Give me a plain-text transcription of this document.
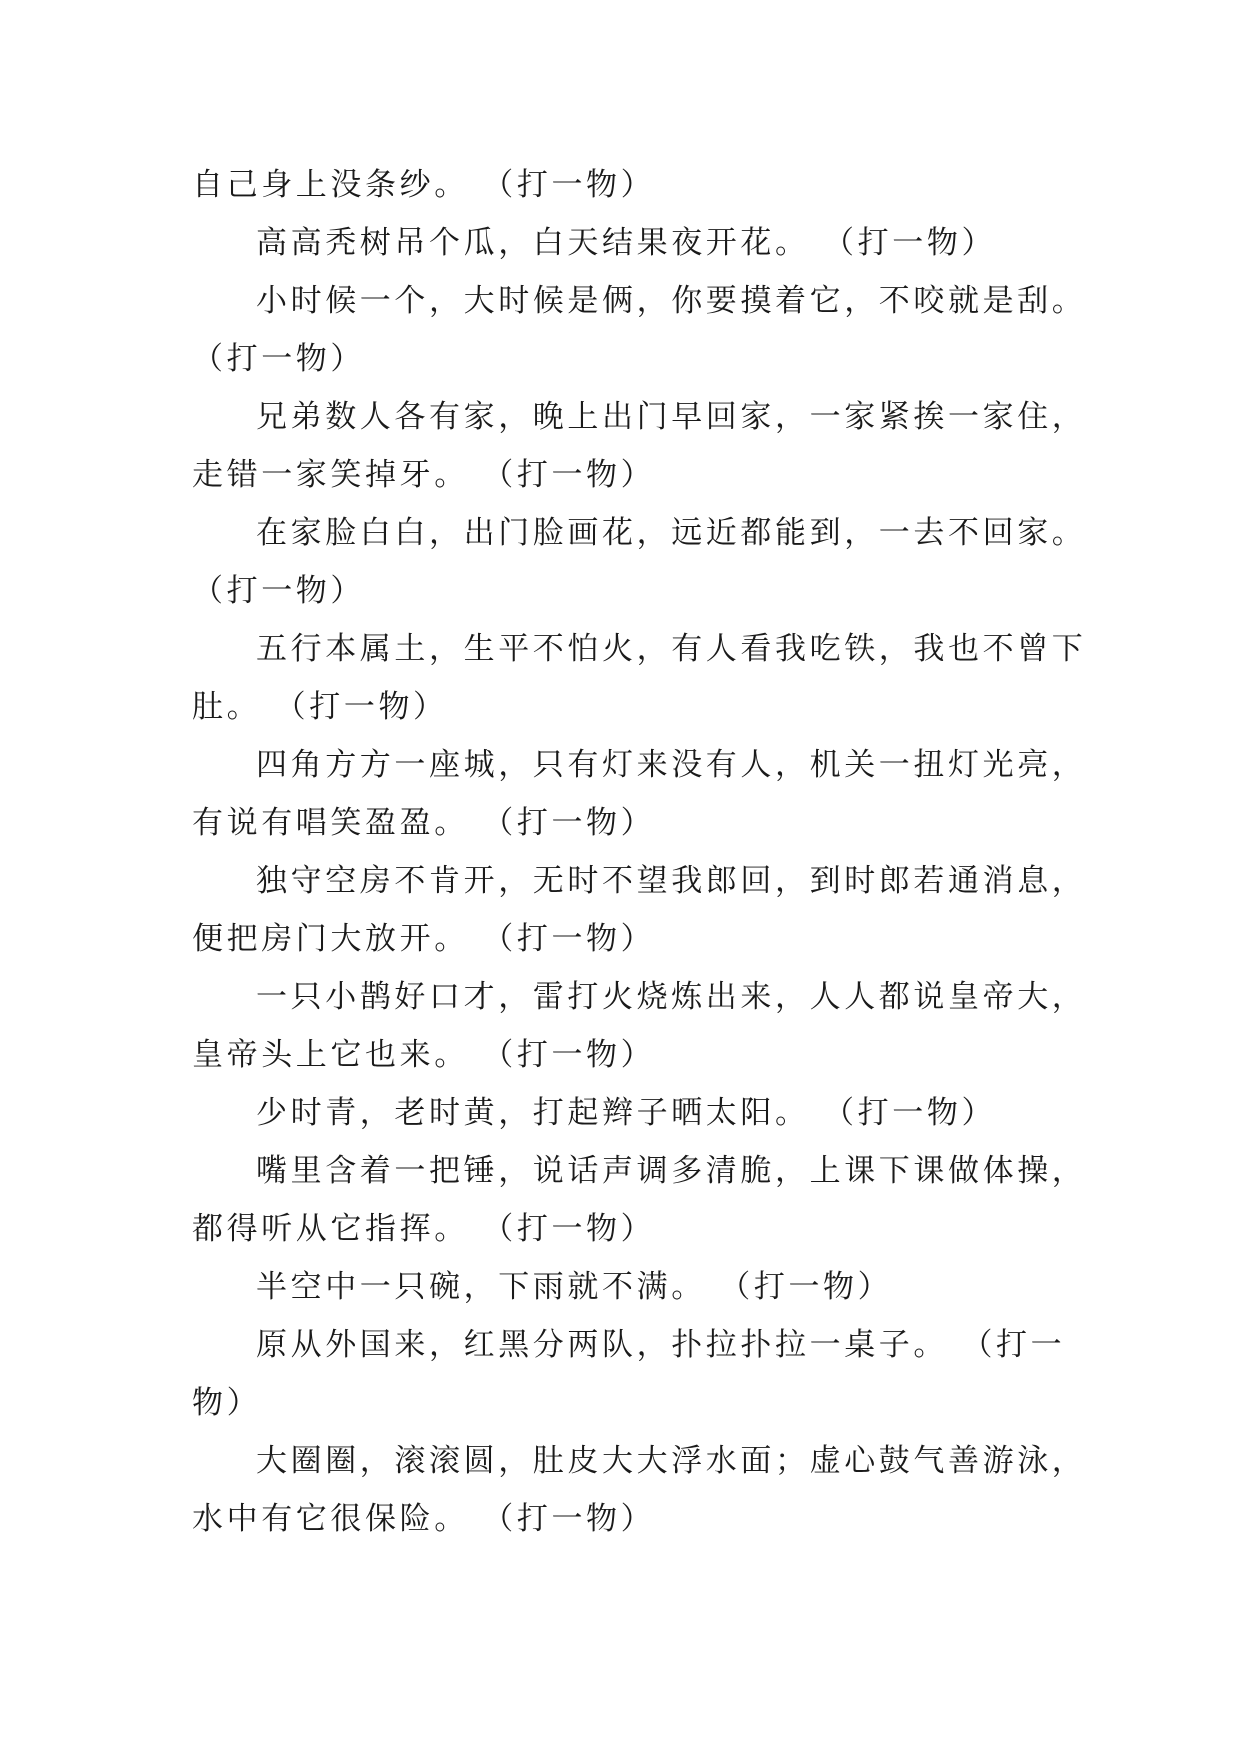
自己身上没条纱。 （打一物）
高高秃树吊个瓜，白天结果夜开花。 （打一物）
小时候一个，大时候是俩，你要摸着它，不咬就是刮。
（打一物）
兄弟数人各有家，晚上出门早回家，一家紧挨一家住，
走错一家笑掉牙。 （打一物）
在家脸白白，出门脸画花，远近都能到，一去不回家。
（打一物）
五行本属土，生平不怕火，有人看我吃铁，我也不曾下
肚。 （打一物）
四角方方一座城，只有灯来没有人，机关一扭灯光亮，
有说有唱笑盈盈。 （打一物）
独守空房不肯开，无时不望我郎回，到时郎若通消息，
便把房门大放开。 （打一物）
一只小鹊好口才，雷打火烧炼出来，人人都说皇帝大，
皇帝头上它也来。 （打一物）
少时青，老时黄，打起辫子晒太阳。 （打一物）
嘴里含着一把锤，说话声调多清脆，上课下课做体操，
都得听从它指挥。 （打一物）
半空中一只碗，下雨就不满。 （打一物）
原从外国来，红黑分两队，扑拉扑拉一桌子。 （打一
物）
大圈圈，滚滚圆，肚皮大大浮水面；虚心鼓气善游泳，
水中有它很保险。 （打一物）
